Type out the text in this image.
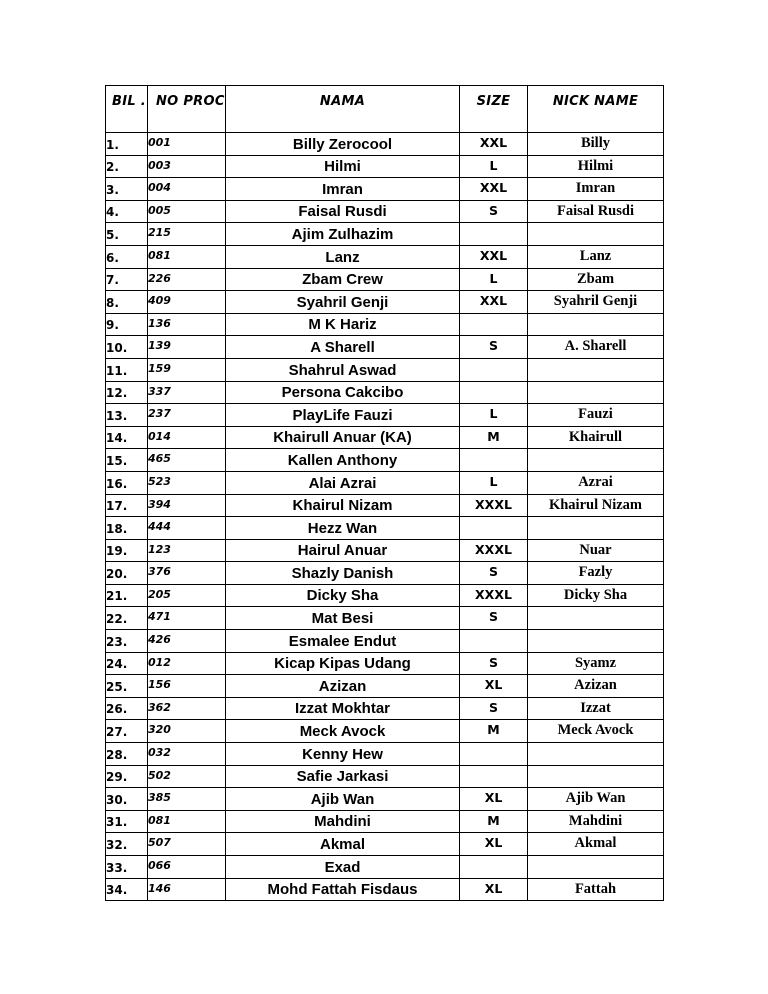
BIL .	NO PROC	NAMA	SIZE	NICK NAME
1.	001	Billy Zerocool	XXL	Billy
2.	003	Hilmi	L	Hilmi
3.	004	Imran	XXL	Imran
4.	005	Faisal Rusdi	S	Faisal Rusdi
5.	215	Ajim Zulhazim		
6.	081	Lanz	XXL	Lanz
7.	226	Zbam Crew	L	Zbam
8.	409	Syahril Genji	XXL	Syahril Genji
9.	136	M K Hariz		
10.	139	A Sharell	S	A. Sharell
11.	159	Shahrul Aswad		
12.	337	Persona Cakcibo		
13.	237	PlayLife Fauzi	L	Fauzi
14.	014	Khairull Anuar (KA)	M	Khairull
15.	465	Kallen Anthony		
16.	523	Alai Azrai	L	Azrai
17.	394	Khairul Nizam	XXXL	Khairul Nizam
18.	444	Hezz Wan		
19.	123	Hairul Anuar	XXXL	Nuar
20.	376	Shazly Danish	S	Fazly
21.	205	Dicky Sha	XXXL	Dicky Sha
22.	471	Mat Besi	S	
23.	426	Esmalee Endut		
24.	012	Kicap Kipas Udang	S	Syamz
25.	156	Azizan	XL	Azizan
26.	362	Izzat Mokhtar	S	Izzat
27.	320	Meck Avock	M	Meck Avock
28.	032	Kenny Hew		
29.	502	Safie Jarkasi		
30.	385	Ajib Wan	XL	Ajib Wan
31.	081	Mahdini	M	Mahdini
32.	507	Akmal	XL	Akmal
33.	066	Exad		
34.	146	Mohd Fattah Fisdaus	XL	Fattah
